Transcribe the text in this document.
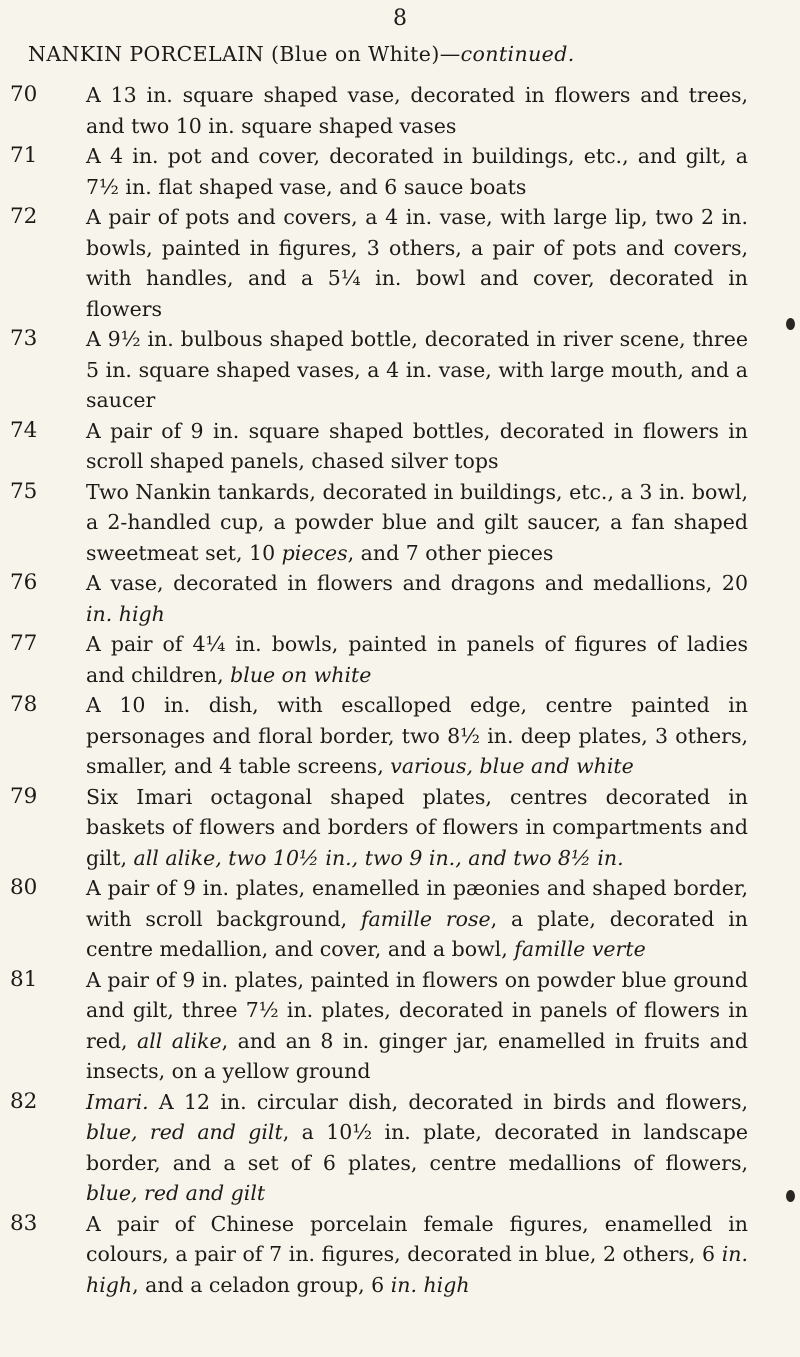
8
NANKIN PORCELAIN (Blue on White)—continued.
70	A 13 in. square shaped vase, decorated in flowers and trees, and two 10 in. square shaped vases
71	A 4 in. pot and cover, decorated in buildings, etc., and gilt, a 7½ in. flat shaped vase, and 6 sauce boats
72	A pair of pots and covers, a 4 in. vase, with large lip, two 2 in. bowls, painted in figures, 3 others, a pair of pots and covers, with handles, and a 5¼ in. bowl and cover, decorated in flowers
73	A 9½ in. bulbous shaped bottle, decorated in river scene, three 5 in. square shaped vases, a 4 in. vase, with large mouth, and a saucer
74	A pair of 9 in. square shaped bottles, decorated in flowers in scroll shaped panels, chased silver tops
75	Two Nankin tankards, decorated in buildings, etc., a 3 in. bowl, a 2-handled cup, a powder blue and gilt saucer, a fan shaped sweetmeat set, 10 pieces, and 7 other pieces
76	A vase, decorated in flowers and dragons and medallions, 20 in. high
77	A pair of 4¼ in. bowls, painted in panels of figures of ladies and children, blue on white
78	A 10 in. dish, with escalloped edge, centre painted in personages and floral border, two 8½ in. deep plates, 3 others, smaller, and 4 table screens, various, blue and white
79	Six Imari octagonal shaped plates, centres decorated in baskets of flowers and borders of flowers in compartments and gilt, all alike, two 10½ in., two 9 in., and two 8½ in.
80	A pair of 9 in. plates, enamelled in pæonies and shaped border, with scroll background, famille rose, a plate, decorated in centre medallion, and cover, and a bowl, famille verte
81	A pair of 9 in. plates, painted in flowers on powder blue ground and gilt, three 7½ in. plates, decorated in panels of flowers in red, all alike, and an 8 in. ginger jar, enamelled in fruits and insects, on a yellow ground
82	Imari. A 12 in. circular dish, decorated in birds and flowers, blue, red and gilt, a 10½ in. plate, decorated in landscape border, and a set of 6 plates, centre medallions of flowers, blue, red and gilt
83	A pair of Chinese porcelain female figures, enamelled in colours, a pair of 7 in. figures, decorated in blue, 2 others, 6 in. high, and a celadon group, 6 in. high
